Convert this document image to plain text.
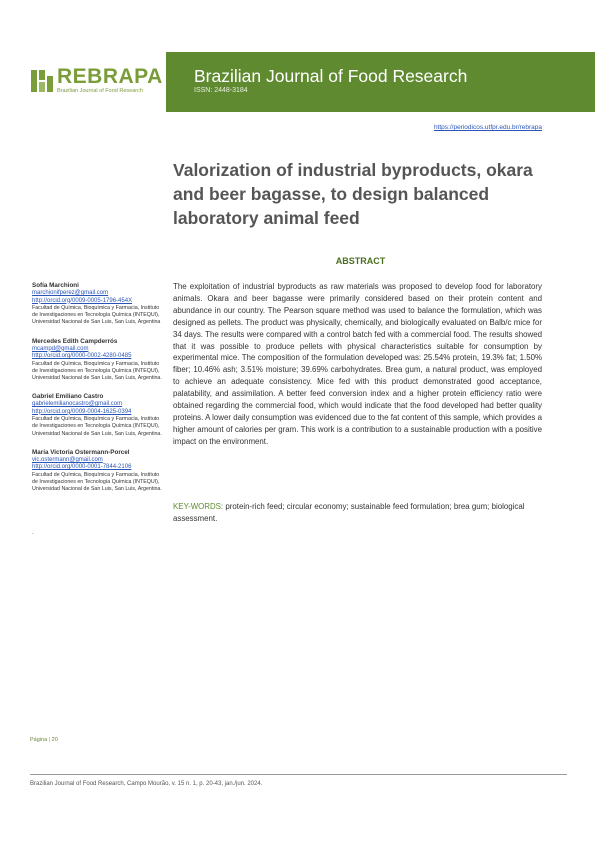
REBRAPA
Brazilian Journal of Food Research
Brazilian Journal of Food Research
ISSN: 2448-3184
https://periodicos.utfpr.edu.br/rebrapa
Valorization of industrial byproducts, okara and beer bagasse, to design balanced laboratory animal feed
ABSTRACT
The exploitation of industrial byproducts as raw materials was proposed to develop food for laboratory animals. Okara and beer bagasse were primarily considered based on their protein content and abundance in our country. The Pearson square method was used to balance the formulation, which was designed as pellets. The product was physically, chemically, and biologically evaluated on Balb/c mice for 34 days. The results were compared with a control batch fed with a commercial food. The results showed that it was possible to produce pellets with physical characteristics suitable for consumption by experimental mice. The composition of the formulation developed was: 25.54% protein, 19.3% fat; 1.50% fiber; 10.46% ash; 3.51% moisture; 39.69% carbohydrates. Brea gum, a natural product, was employed to achieve an adequate consistency. Mice fed with this product demonstrated good acceptance, palatability, and assimilation. A better feed conversion index and a higher protein efficiency ratio were obtained regarding the commercial food, which would indicate that the food developed had better quality proteins. A lower daily consumption was evidenced due to the fat content of this sample, which provides a higher amount of calories per gram. This work is a contribution to a sustainable production with a positive impact on the environment.
KEY-WORDS: protein-rich feed; circular economy; sustainable feed formulation; brea gum; biological assessment.
Sofía Marchioni
marchionifperez@gmail.com
http://orcid.org/0009-0005-1796-454X
Facultad de Química, Bioquímica y Farmacia, Instituto de Investigaciones en Tecnología Química (INTEQUI), Universidad Nacional de San Luis, San Luis, Argentina
Mercedes Edith Campderrós
mcampd@gmail.com
http://orcid.org/0000-0002-4280-0485
Facultad de Química, Bioquímica y Farmacia, Instituto de Investigaciones en Tecnología Química (INTEQUI), Universidad Nacional de San Luis, San Luis, Argentina.
Gabriel Emiliano Castro
gabrielemilianocastro@gmail.com
http://orcid.org/0009-0004-1625-0394
Facultad de Química, Bioquímica y Farmacia, Instituto de Investigaciones en Tecnología Química (INTEQUI), Universidad Nacional de San Luis, San Luis, Argentina.
María Victoria Ostermann-Porcel
vic.ostermann@gmail.com
http://orcid.org/0000-0001-7844-2106
Facultad de Química, Bioquímica y Farmacia, Instituto de Investigaciones en Tecnología Química (INTEQUI), Universidad Nacional de San Luis, San Luis, Argentina.
.
Página | 20
Brazilian Journal of Food Research, Campo Mourão, v. 15 n. 1, p. 20-43, jan./jun. 2024.
